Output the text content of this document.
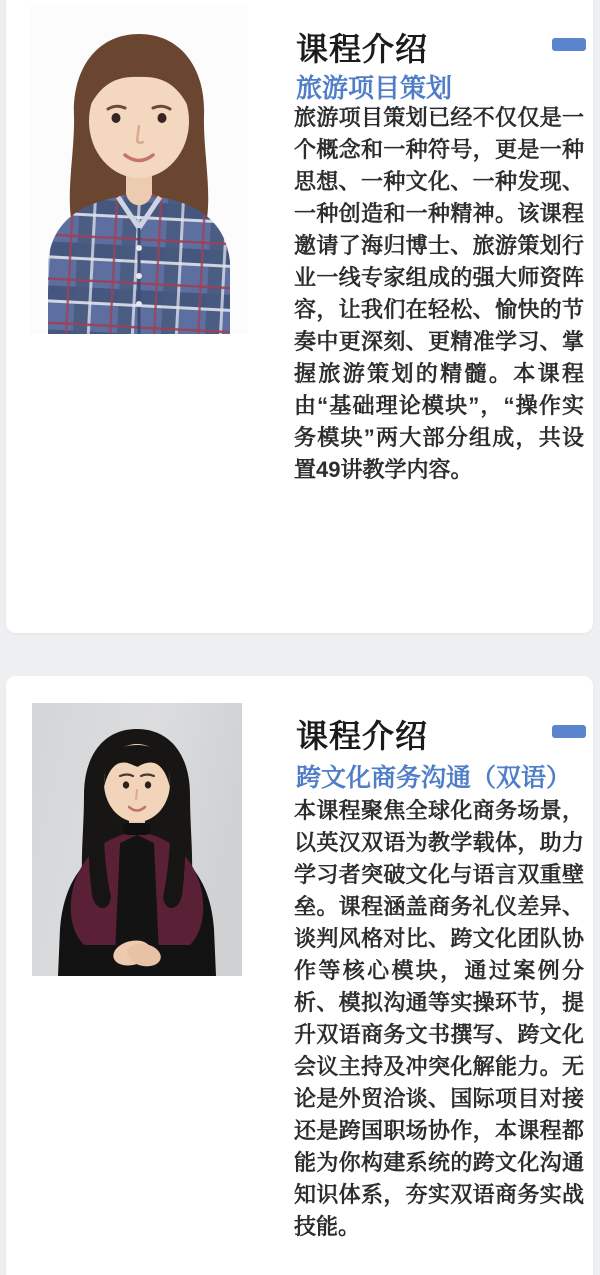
课程介绍
旅游项目策划

旅游项目策划已经不仅仅是一个概念和一种符号，更是一种思想、一种文化、一种发现、一种创造和一种精神。该课程邀请了海归博士、旅游策划行业一线专家组成的强大师资阵容，让我们在轻松、愉快的节奏中更深刻、更精准学习、掌握旅游策划的精髓。本课程由“基础理论模块”，“操作实务模块”两大部分组成，共设置49讲教学内容。

课程介绍
跨文化商务沟通（双语）

本课程聚焦全球化商务场景，以英汉双语为教学载体，助力学习者突破文化与语言双重壁垒。课程涵盖商务礼仪差异、谈判风格对比、跨文化团队协作等核心模块，通过案例分析、模拟沟通等实操环节，提升双语商务文书撰写、跨文化会议主持及冲突化解能力。无论是外贸洽谈、国际项目对接还是跨国职场协作，本课程都能为你构建系统的跨文化沟通知识体系，夯实双语商务实战技能。
